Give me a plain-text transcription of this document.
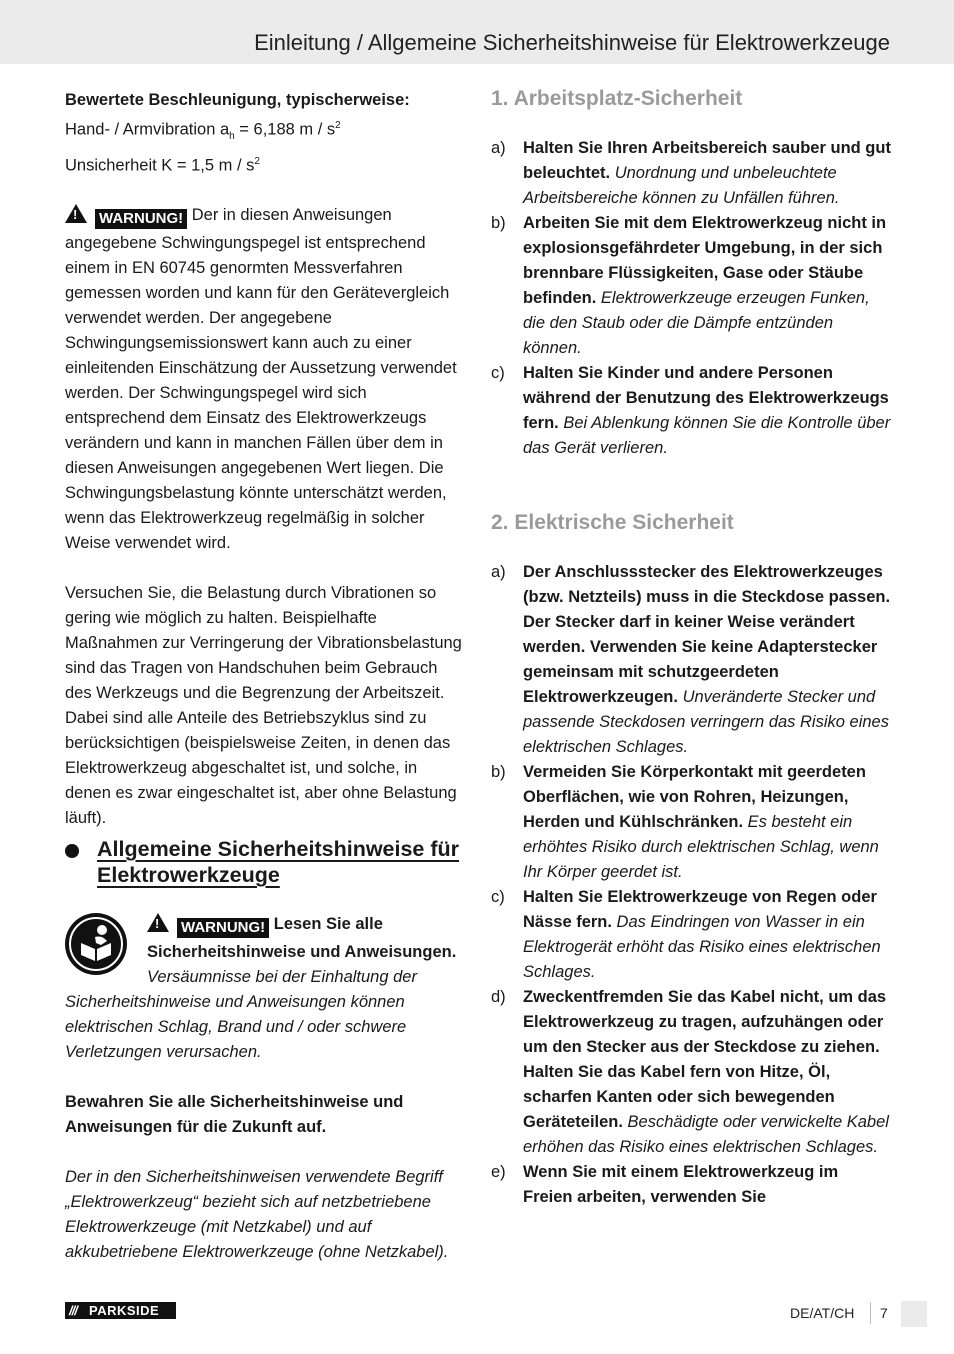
Einleitung / Allgemeine Sicherheitshinweise für Elektrowerkzeuge

Bewertete Beschleunigung, typischerweise:

Hand- / Armvibration $a_h = 6,188$ m / $s^2$

Unsicherheit K = 1,5 m / $s^2$

! WARNUNG! Der in diesen Anweisungen angegebene Schwingungspegel ist entsprechend einem in EN 60745 genormten Messverfahren gemessen worden und kann für den Gerätevergleich verwendet werden. Der angegebene Schwingungsemissionswert kann auch zu einer einleitenden Einschätzung der Aussetzung verwendet werden. Der Schwingungspegel wird sich entsprechend dem Einsatz des Elektrowerkzeugs verändern und kann in manchen Fällen über dem in diesen Anweisungen angegebenen Wert liegen. Die Schwingungsbelastung könnte unterschätzt werden, wenn das Elektrowerkzeug regelmäßig in solcher Weise verwendet wird.

Versuchen Sie, die Belastung durch Vibrationen so gering wie möglich zu halten. Beispielhafte Maßnahmen zur Verringerung der Vibrationsbelastung sind das Tragen von Handschuhen beim Gebrauch des Werkzeugs und die Begrenzung der Arbeitszeit. Dabei sind alle Anteile des Betriebszyklus sind zu berücksichtigen (beispielsweise Zeiten, in denen das Elektrowerkzeug abgeschaltet ist, und solche, in denen es zwar eingeschaltet ist, aber ohne Belastung läuft).

Allgemeine Sicherheitshinweise für Elektrowerkzeuge

! WARNUNG! Lesen Sie alle Sicherheitshinweise und Anweisungen. Versäumnisse bei der Einhaltung der Sicherheitshinweise und Anweisungen können elektrischen Schlag, Brand und / oder schwere Verletzungen verursachen.

Bewahren Sie alle Sicherheitshinweise und Anweisungen für die Zukunft auf.

Der in den Sicherheitshinweisen verwendete Begriff „Elektrowerkzeug“ bezieht sich auf netzbetriebene Elektrowerkzeuge (mit Netzkabel) und auf akkubetriebene Elektrowerkzeuge (ohne Netzkabel).

1. Arbeitsplatz-Sicherheit

a) Halten Sie Ihren Arbeitsbereich sauber und gut beleuchtet. Unordnung und unbeleuchtete Arbeitsbereiche können zu Unfällen führen.
b) Arbeiten Sie mit dem Elektrowerkzeug nicht in explosionsgefährdeter Umgebung, in der sich brennbare Flüssigkeiten, Gase oder Stäube befinden. Elektrowerkzeuge erzeugen Funken, die den Staub oder die Dämpfe entzünden können.
c) Halten Sie Kinder und andere Personen während der Benutzung des Elektrowerkzeugs fern. Bei Ablenkung können Sie die Kontrolle über das Gerät verlieren.

2. Elektrische Sicherheit

a) Der Anschlussstecker des Elektrowerkzeuges (bzw. Netzteils) muss in die Steckdose passen. Der Stecker darf in keiner Weise verändert werden. Verwenden Sie keine Adapterstecker gemeinsam mit schutzgeerdeten Elektrowerkzeugen. Unveränderte Stecker und passende Steckdosen verringern das Risiko eines elektrischen Schlages.
b) Vermeiden Sie Körperkontakt mit geerdeten Oberflächen, wie von Rohren, Heizungen, Herden und Kühlschränken. Es besteht ein erhöhtes Risiko durch elektrischen Schlag, wenn Ihr Körper geerdet ist.
c) Halten Sie Elektrowerkzeuge von Regen oder Nässe fern. Das Eindringen von Wasser in ein Elektrogerät erhöht das Risiko eines elektrischen Schlages.
d) Zweckentfremden Sie das Kabel nicht, um das Elektrowerkzeug zu tragen, aufzuhängen oder um den Stecker aus der Steckdose zu ziehen. Halten Sie das Kabel fern von Hitze, Öl, scharfen Kanten oder sich bewegenden Geräteteilen. Beschädigte oder verwickelte Kabel erhöhen das Risiko eines elektrischen Schlages.
e) Wenn Sie mit einem Elektrowerkzeug im Freien arbeiten, verwenden Sie
/// PARKSIDE	DE/AT/CH 7
